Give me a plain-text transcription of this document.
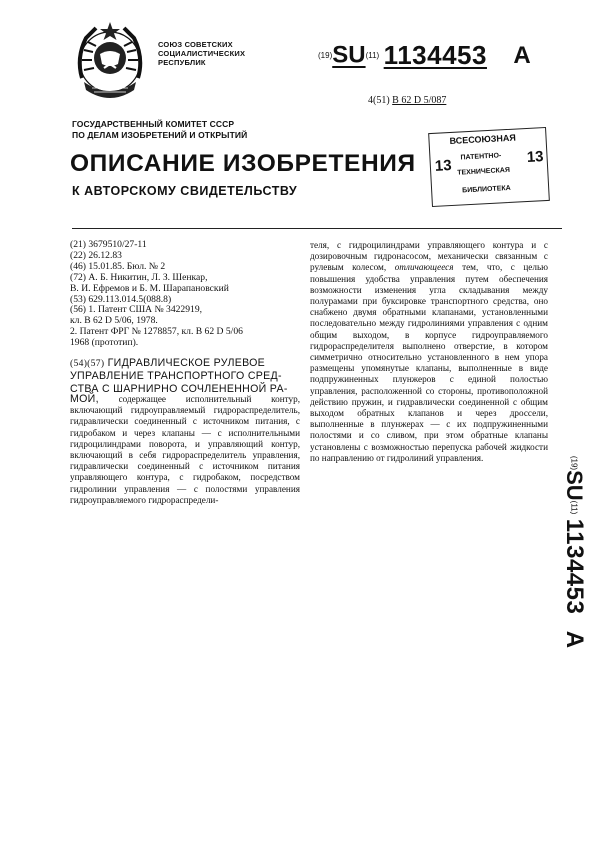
СОЮЗ СОВЕТСКИХ
СОЦИАЛИСТИЧЕСКИХ
РЕСПУБЛИК
(19)SU(11) 1134453 A
4(51) B 62 D 5/087
ГОСУДАРСТВЕННЫЙ КОМИТЕТ СССР
ПО ДЕЛАМ ИЗОБРЕТЕНИЙ И ОТКРЫТИЙ
ОПИСАНИЕ ИЗОБРЕТЕНИЯ
К АВТОРСКОМУ СВИДЕТЕЛЬСТВУ
ВСЕСОЮЗНАЯ
ПАТЕНТНО-
ТЕХНИЧЕСКАЯ
БИБЛИОТЕКА
13	13
(21) 3679510/27-11
(22) 26.12.83
(46) 15.01.85. Бюл. № 2
(72) А. Б. Никитин, Л. З. Шенкар,
В. И. Ефремов и Б. М. Шарапановский
(53) 629.113.014.5(088.8)
(56) 1. Патент США № 3422919,
кл. В 62 D 5/06, 1978.
2. Патент ФРГ № 1278857, кл. В 62 D 5/06
1968 (прототип).
(54)(57) ГИДРАВЛИЧЕСКОЕ РУЛЕВОЕ
УПРАВЛЕНИЕ ТРАНСПОРТНОГО СРЕД-
СТВА С ШАРНИРНО СОЧЛЕНЕННОЙ РА-
МОЙ, содержащее исполнительный контур, включающий гидроуправляемый гидрораспределитель, гидравлически соединенный с источником питания, с гидробаком и через клапаны — с исполнительными гидроцилиндрами поворота, и управляющий контур, включающий в себя гидрораспределитель управления, гидравлически соединенный с источником питания управляющего контура, с гидробаком, посредством гидролинии управления — с полостями управления гидроуправляемого гидрораспредели-
теля, с гидроцилиндрами управляющего контура и с дозировочным гидронасосом, механически связанным с рулевым колесом, отличающееся тем, что, с целью повышения удобства управления путем обеспечения возможности изменения угла складывания между полурамами при буксировке транспортного средства, оно снабжено двумя обратными клапанами, установленными последовательно между гидролиниями управления с одним общим выходом, в корпусе гидроуправляемого гидрораспределителя выполнено отверстие, в котором симметрично относительно установленного в нем упора размещены упомянутые клапаны, выполненные в виде подпружиненных плунжеров с единой полостью управления, расположенной со стороны, противоположной действию пружин, и гидравлически соединенной с общим выходом обратных клапанов и через дроссели, выполненные в плунжерах — с их подпружиненными полостями и со сливом, при этом обратные клапаны установлены с возможностью перепуска рабочей жидкости по направлению от гидролиний управления.	(19)SU(11) 1134453 A
